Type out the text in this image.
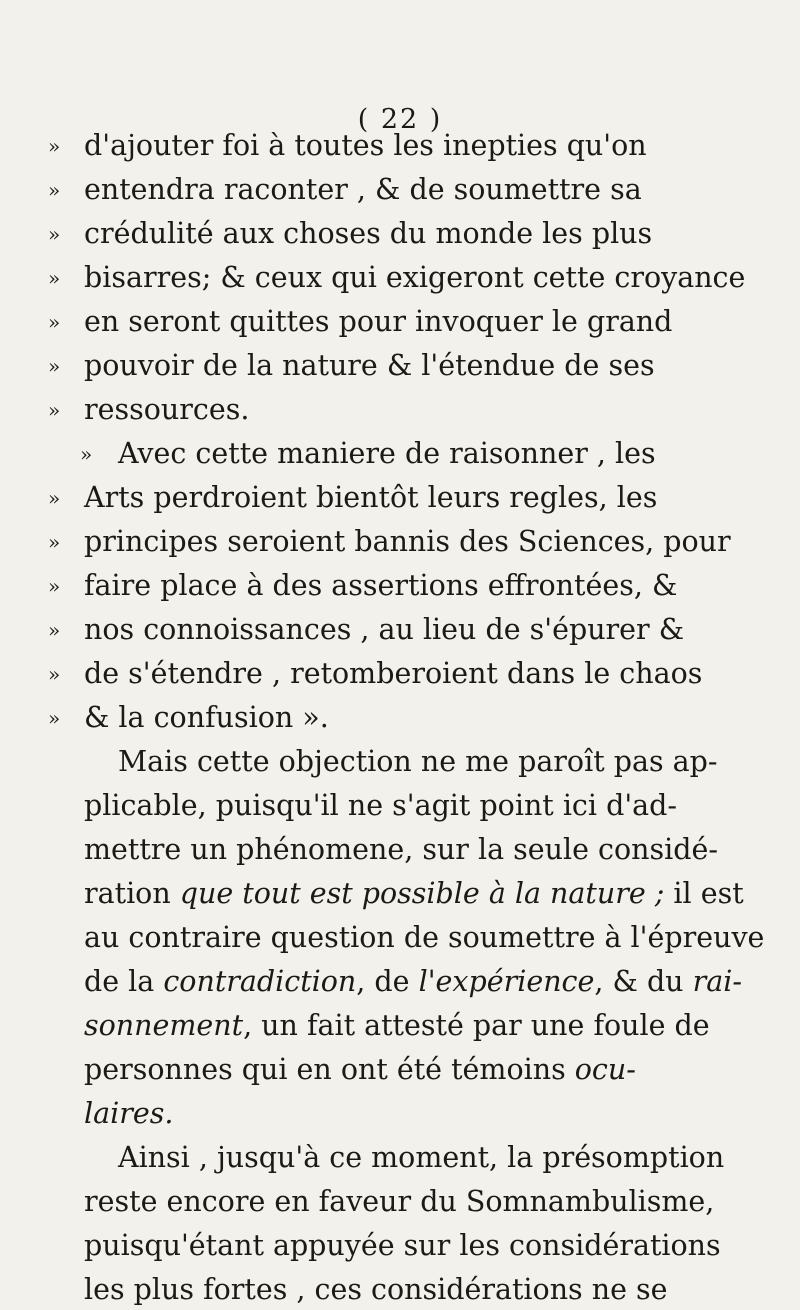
( 22 )
» d'ajouter foi à toutes les inepties qu'on
» entendra raconter , & de soumettre sa
» crédulité aux choses du monde les plus
» bisarres; & ceux qui exigeront cette croyance
» en seront quittes pour invoquer le grand
» pouvoir de la nature & l'étendue de ses
» ressources.
» Avec cette maniere de raisonner , les
» Arts perdroient bientôt leurs regles, les
» principes seroient bannis des Sciences, pour
» faire place à des assertions effrontées, &
» nos connoissances , au lieu de s'épurer &
» de s'étendre , retomberoient dans le chaos
» & la confusion ».
Mais cette objection ne me paroît pas ap-
plicable, puisqu'il ne s'agit point ici d'ad-
mettre un phénomene, sur la seule considé-
ration que tout est possible à la nature ; il est
au contraire question de soumettre à l'épreuve
de la contradiction, de l'expérience, & du rai-
sonnement, un fait attesté par une foule de
personnes qui en ont été témoins ocu-
laires.
Ainsi , jusqu'à ce moment, la présomption
reste encore en faveur du Somnambulisme,
puisqu'étant appuyée sur les considérations
les plus fortes , ces considérations ne se
